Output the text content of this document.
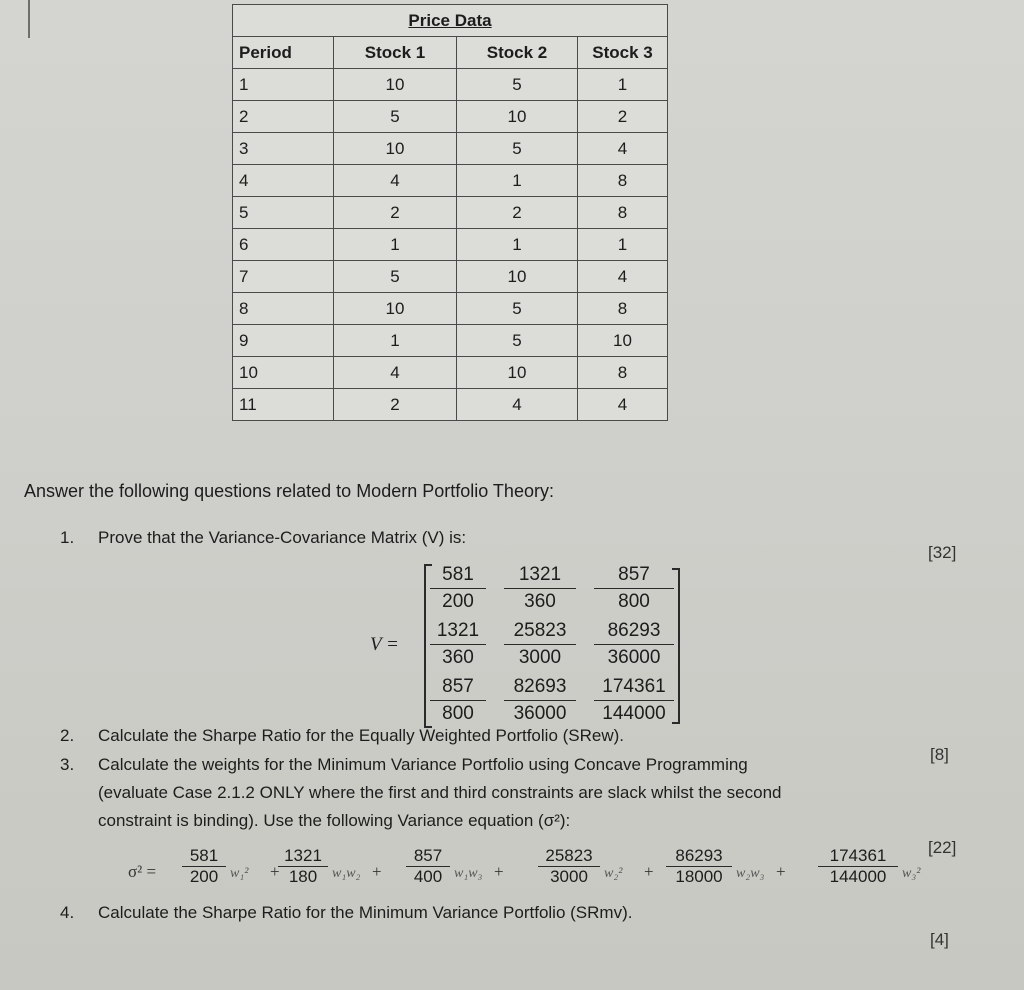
Price Data			
Period	Stock 1	Stock 2	Stock 3
1	10	5	1
2	5	10	2
3	10	5	4
4	4	1	8
5	2	2	8
6	1	1	1
7	5	10	4
8	10	5	8
9	1	5	10
10	4	10	8
11	2	4	4
Answer the following questions related to Modern Portfolio Theory:
1. Prove that the Variance-Covariance Matrix (V) is:
[32]
V =
$\frac{581}{200} \frac{1321}{360} \frac{857}{800}$
$\frac{1321}{360} \frac{25823}{3000} \frac{86293}{36000}$
$\frac{857}{800} \frac{82693}{36000} \frac{174361}{144000}$
2. Calculate the Sharpe Ratio for the Equally Weighted Portfolio (SRew).
[8]
3. Calculate the weights for the Minimum Variance Portfolio using Concave Programming
(evaluate Case 2.1.2 ONLY where the first and third constraints are slack whilst the second
constraint is binding). Use the following Variance equation (σ²):
[22]
$\sigma^2 = \frac{581}{200} w_1^2$ +
$\frac{1321}{180} w_1w_2 + \frac{857}{400} w_1w_3 + \frac{25823}{3000} w_2^2 + \frac{86293}{18000} w_2w_3 + \frac{174361}{144000} w_3^2$
4. Calculate the Sharpe Ratio for the Minimum Variance Portfolio (SRmv).
[4]
